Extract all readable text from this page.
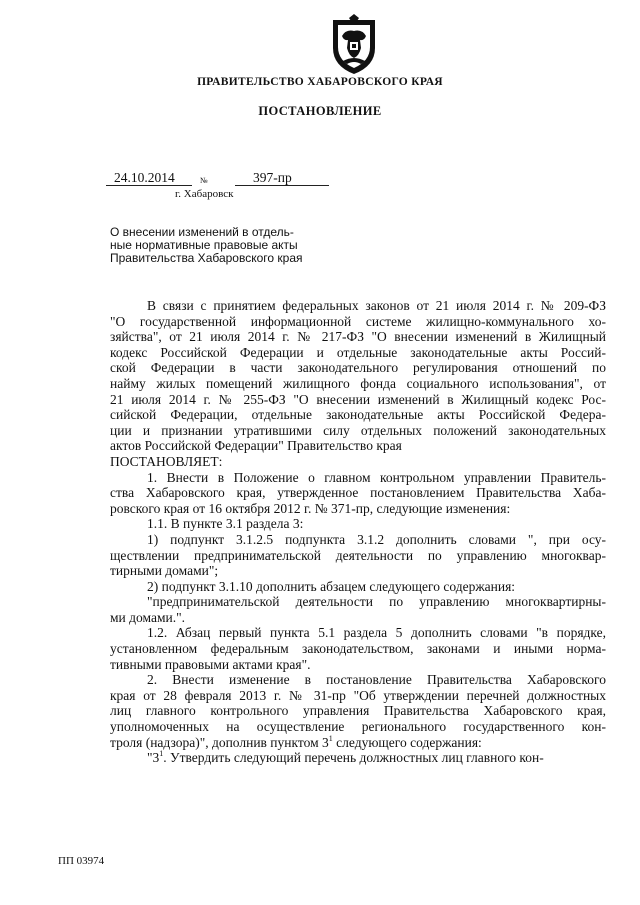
ПРАВИТЕЛЬСТВО ХАБАРОВСКОГО КРАЯ
ПОСТАНОВЛЕНИЕ
24.10.2014	№	397-пр
г. Хабаровск
О внесении изменений в отдель-
ные нормативные правовые акты
Правительства Хабаровского края
В связи с принятием федеральных законов от 21 июля 2014 г. № 209-ФЗ
"О государственной информационной системе жилищно-коммунального хо-
зяйства", от 21 июля 2014 г. № 217-ФЗ "О внесении изменений в Жилищный
кодекс Российской Федерации и отдельные законодательные акты Россий-
ской Федерации в части законодательного регулирования отношений по
найму жилых помещений жилищного фонда социального использования", от
21 июля 2014 г. № 255-ФЗ "О внесении изменений в Жилищный кодекс Рос-
сийской Федерации, отдельные законодательные акты Российской Федера-
ции и признании утратившими силу отдельных положений законодательных
актов Российской Федерации" Правительство края
ПОСТАНОВЛЯЕТ:
1. Внести в Положение о главном контрольном управлении Правитель-
ства Хабаровского края, утвержденное постановлением Правительства Хаба-
ровского края от 16 октября 2012 г. № 371-пр, следующие изменения:
1.1. В пункте 3.1 раздела 3:
1) подпункт 3.1.2.5 подпункта 3.1.2 дополнить словами ", при осу-
ществлении предпринимательской деятельности по управлению многоквар-
тирными домами";
2) подпункт 3.1.10 дополнить абзацем следующего содержания:
"предпринимательской деятельности по управлению многоквартирны-
ми домами.".
1.2. Абзац первый пункта 5.1 раздела 5 дополнить словами "в порядке,
установленном федеральным законодательством, законами и иными норма-
тивными правовыми актами края".
2. Внести изменение в постановление Правительства Хабаровского
края от 28 февраля 2013 г. № 31-пр "Об утверждении перечней должностных
лиц главного контрольного управления Правительства Хабаровского края,
уполномоченных на осуществление регионального государственного кон-
троля (надзора)", дополнив пунктом $3^1$ следующего содержания:
"$3^1$. Утвердить следующий перечень должностных лиц главного кон-
ПП 03974
